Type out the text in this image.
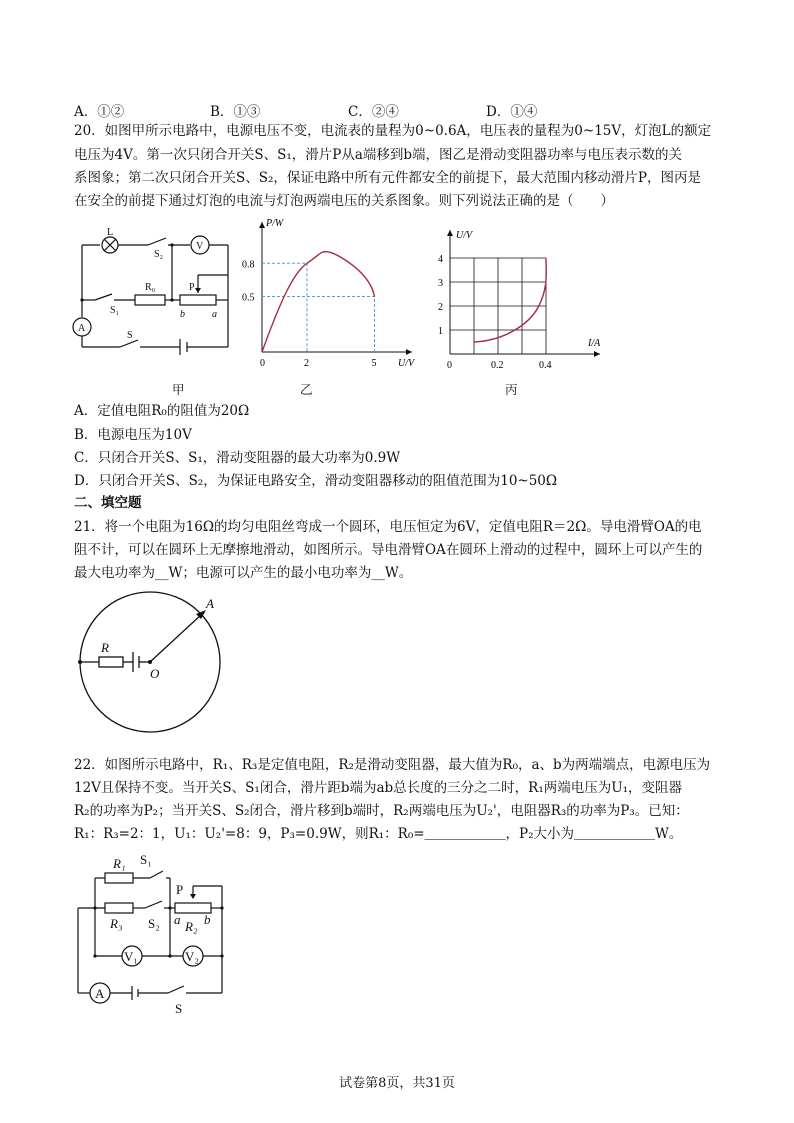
A．①②	B．①③	C．②④	D．①④
20．如图甲所示电路中，电源电压不变，电流表的量程为0~0.6A，电压表的量程为0~15V，灯泡L的额定
电压为4V。第一次只闭合开关S、S₁，滑片P从a端移到b端，图乙是滑动变阻器功率与电压表示数的关
系图象；第二次只闭合开关S、S₂，保证电路中所有元件都安全的前提下，最大范围内移动滑片P，图丙是
在安全的前提下通过灯泡的电流与灯泡两端电压的关系图象。则下列说法正确的是（　　）
L
S₂
V
R₀	P
S₁	b	a
A
S
甲
0	2	5
0.5
0.8
U/V
P/W
乙
0	0.2	0.4
1
2
3
4
I/A
U/V
丙
A．定值电阻R₀的阻值为20Ω
B．电源电压为10V
C．只闭合开关S、S₁，滑动变阻器的最大功率为0.9W
D．只闭合开关S、S₂，为保证电路安全，滑动变阻器移动的阻值范围为10~50Ω
二、填空题
21．将一个电阻为16Ω的均匀电阻丝弯成一个圆环，电压恒定为6V，定值电阻R＝2Ω。导电滑臂OA的电
阻不计，可以在圆环上无摩擦地滑动，如图所示。导电滑臂OA在圆环上滑动的过程中，圆环上可以产生的
最大电功率为__W；电源可以产生的最小电功率为__W。
R
O
A
22．如图所示电路中，R₁、R₃是定值电阻，R₂是滑动变阻器，最大值为R₀，a、b为两端端点，电源电压为
12V且保持不变。当开关S、S₁闭合，滑片距b端为ab总长度的三分之二时，R₁两端电压为U₁，变阻器
R₂的功率为P₂；当开关S、S₂闭合，滑片移到b端时，R₂两端电压为U₂'，电阻器R₃的功率为P₃。已知：
R₁：R₃=2：1，U₁：U₂'=8：9，P₃=0.9W，则R₁：R₀=＿＿＿＿＿＿，P₂大小为＿＿＿＿＿＿W。
R₁ S₁
P
R₃ S₂ a R₂ b
V₁	V₂
A
S
试卷第8页，共31页
